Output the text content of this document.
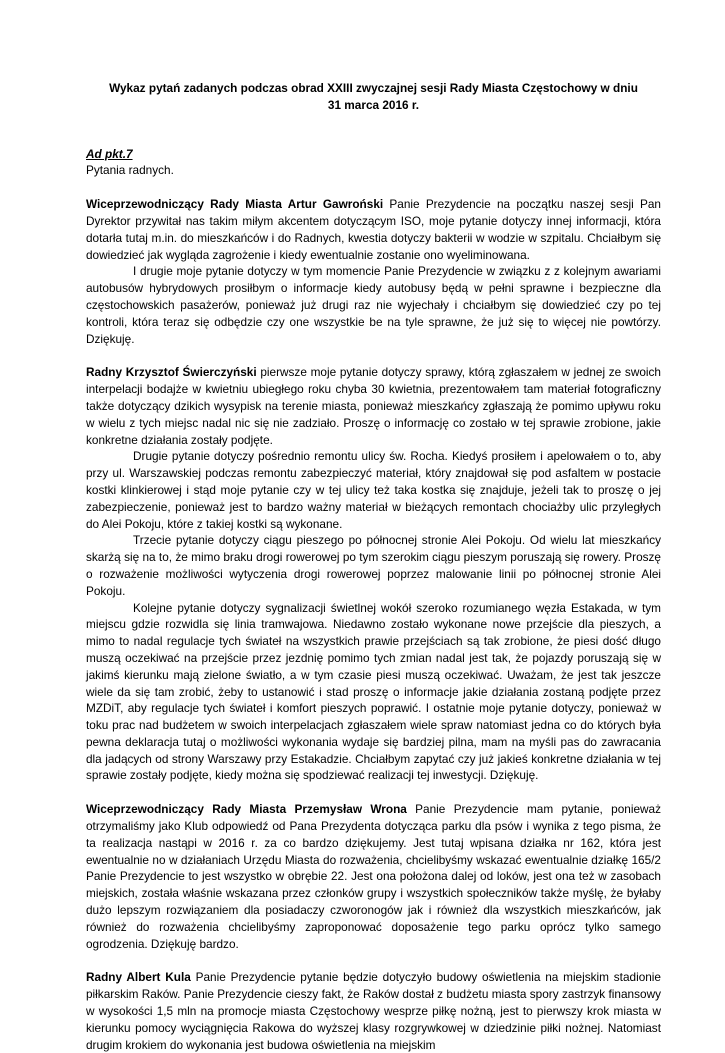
Wykaz pytań zadanych podczas obrad XXIII zwyczajnej sesji Rady Miasta Częstochowy w dniu
31 marca 2016 r.
Ad pkt.7
Pytania radnych.

Wiceprzewodniczący Rady Miasta Artur Gawroński Panie Prezydencie na początku naszej sesji Pan Dyrektor przywitał nas takim miłym akcentem dotyczącym ISO, moje pytanie dotyczy innej informacji, która dotarła tutaj m.in. do mieszkańców i do Radnych, kwestia dotyczy bakterii w wodzie w szpitalu. Chciałbym się dowiedzieć jak wygląda zagrożenie i kiedy ewentualnie zostanie ono wyeliminowana.

I drugie moje pytanie dotyczy w tym momencie Panie Prezydencie w związku z z kolejnym awariami autobusów hybrydowych prosiłbym o informacje kiedy autobusy będą w pełni sprawne i bezpieczne dla częstochowskich pasażerów, ponieważ już drugi raz nie wyjechały i chciałbym się dowiedzieć czy po tej kontroli, która teraz się odbędzie czy one wszystkie be na tyle sprawne, że już się to więcej nie powtórzy. Dziękuję.

Radny Krzysztof Świerczyński pierwsze moje pytanie dotyczy sprawy, którą zgłaszałem w jednej ze swoich interpelacji bodajże w kwietniu ubiegłego roku chyba 30 kwietnia, prezentowałem tam materiał fotograficzny także dotyczący dzikich wysypisk na terenie miasta, ponieważ mieszkańcy zgłaszają że pomimo upływu roku w wielu z tych miejsc nadal nic się nie zadziało. Proszę o informację co zostało w tej sprawie zrobione, jakie konkretne działania zostały podjęte.

Drugie pytanie dotyczy pośrednio remontu ulicy św. Rocha. Kiedyś prosiłem i apelowałem o to, aby przy ul. Warszawskiej podczas remontu zabezpieczyć materiał, który znajdował się pod asfaltem w postacie kostki klinkierowej i stąd moje pytanie czy w tej ulicy też taka kostka się znajduje, jeżeli tak to proszę o jej zabezpieczenie, ponieważ jest to bardzo ważny materiał w bieżących remontach chociażby ulic przyległych do Alei Pokoju, które z takiej kostki są wykonane.

Trzecie pytanie dotyczy ciągu pieszego po północnej stronie Alei Pokoju. Od wielu lat mieszkańcy skarżą się na to, że mimo braku drogi rowerowej po tym szerokim ciągu pieszym poruszają się rowery. Proszę o rozważenie możliwości wytyczenia drogi rowerowej poprzez malowanie linii po północnej stronie Alei Pokoju.

Kolejne pytanie dotyczy sygnalizacji świetlnej wokół szeroko rozumianego węzła Estakada, w tym miejscu gdzie rozwidla się linia tramwajowa. Niedawno zostało wykonane nowe przejście dla pieszych, a mimo to nadal regulacje tych świateł na wszystkich prawie przejściach są tak zrobione, że piesi dość długo muszą oczekiwać na przejście przez jezdnię pomimo tych zmian nadal jest tak, że pojazdy poruszają się w jakimś kierunku mają zielone światło, a w tym czasie piesi muszą oczekiwać. Uważam, że jest tak jeszcze wiele da się tam zrobić, żeby to ustanowić i stad proszę o informacje jakie działania zostaną podjęte przez MZDiT, aby regulacje tych świateł i komfort pieszych poprawić. I ostatnie moje pytanie dotyczy, ponieważ w toku prac nad budżetem w swoich interpelacjach zgłaszałem wiele spraw natomiast jedna co do których była pewna deklaracja tutaj o możliwości wykonania wydaje się bardziej pilna, mam na myśli pas do zawracania dla jadących od strony Warszawy przy Estakadzie. Chciałbym zapytać czy już jakieś konkretne działania w tej sprawie zostały podjęte, kiedy można się spodziewać realizacji tej inwestycji. Dziękuję.

Wiceprzewodniczący Rady Miasta Przemysław Wrona Panie Prezydencie mam pytanie, ponieważ otrzymaliśmy jako Klub odpowiedź od Pana Prezydenta dotycząca parku dla psów i wynika z tego pisma, że ta realizacja nastąpi w 2016 r. za co bardzo dziękujemy. Jest tutaj wpisana działka nr 162, która jest ewentualnie no w działaniach Urzędu Miasta do rozważenia, chcielibyśmy wskazać ewentualnie działkę 165/2 Panie Prezydencie to jest wszystko w obrębie 22. Jest ona położona dalej od loków, jest ona też w zasobach miejskich, została właśnie wskazana przez członków grupy i wszystkich społeczników także myślę, że byłaby dużo lepszym rozwiązaniem dla posiadaczy czworonogów jak i również dla wszystkich mieszkańców, jak również do rozważenia chcielibyśmy zaproponować doposażenie tego parku oprócz tylko samego ogrodzenia. Dziękuję bardzo.

Radny Albert Kula Panie Prezydencie pytanie będzie dotyczyło budowy oświetlenia na miejskim stadionie piłkarskim Raków. Panie Prezydencie cieszy fakt, że Raków dostał z budżetu miasta spory zastrzyk finansowy w wysokości 1,5 mln na promocje miasta Częstochowy wesprze piłkę nożną, jest to pierwszy krok miasta w kierunku pomocy wyciągnięcia Rakowa do wyższej klasy rozgrywkowej w dziedzinie piłki nożnej. Natomiast drugim krokiem do wykonania jest budowa oświetlenia na miejskim
